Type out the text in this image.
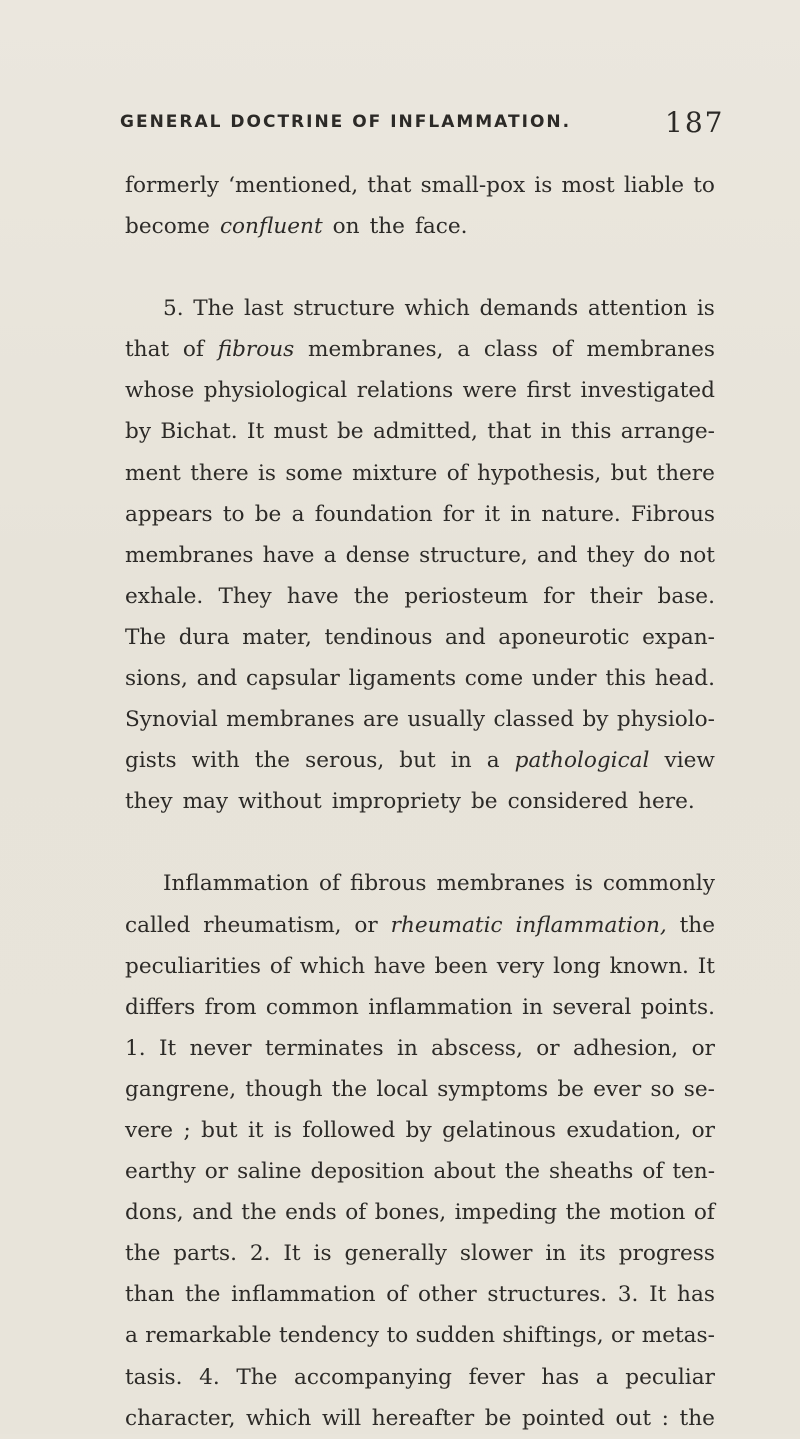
GENERAL DOCTRINE OF INFLAMMATION.	187
formerly ʻmentioned, that small-pox is most liable to
become confluent on the face.
5. The last structure which demands attention is
that of fibrous membranes, a class of membranes
whose physiological relations were first investigated
by Bichat. It must be admitted, that in this arrange-
ment there is some mixture of hypothesis, but there
appears to be a foundation for it in nature. Fibrous
membranes have a dense structure, and they do not
exhale. They have the periosteum for their base.
The dura mater, tendinous and aponeurotic expan-
sions, and capsular ligaments come under this head.
Synovial membranes are usually classed by physiolo-
gists with the serous, but in a pathological view
they may without impropriety be considered here.
Inflammation of fibrous membranes is commonly
called rheumatism, or rheumatic inflammation, the
peculiarities of which have been very long known. It
differs from common inflammation in several points.
1. It never terminates in abscess, or adhesion, or
gangrene, though the local symptoms be ever so se-
vere ; but it is followed by gelatinous exudation, or
earthy or saline deposition about the sheaths of ten-
dons, and the ends of bones, impeding the motion of
the parts. 2. It is generally slower in its progress
than the inflammation of other structures. 3. It has
a remarkable tendency to sudden shiftings, or metas-
tasis. 4. The accompanying fever has a peculiar
character, which will hereafter be pointed out : the
